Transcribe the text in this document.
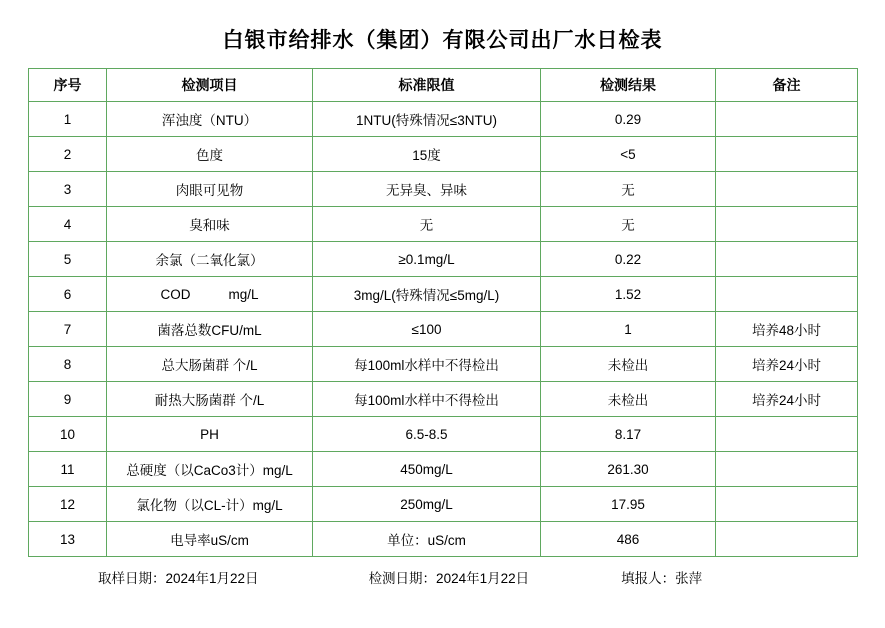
白银市给排水（集团）有限公司出厂水日检表
序号	检测项目	标准限值	检测结果	备注
1	浑浊度（NTU）	1NTU(特殊情况≤3NTU)	0.29	
2	色度	15度	<5	
3	肉眼可见物	无异臭、异味	无	
4	臭和味	无	无	
5	余氯（二氧化氯）	≥0.1mg/L	0.22	
6	COD mg/L	3mg/L(特殊情况≤5mg/L)	1.52	
7	菌落总数CFU/mL	≤100	1	培养48小时
8	总大肠菌群 个/L	每100ml水样中不得检出	未检出	培养24小时
9	耐热大肠菌群 个/L	每100ml水样中不得检出	未检出	培养24小时
10	PH	6.5-8.5	8.17	
11	总硬度（以CaCo3计）mg/L	450mg/L	261.30	
12	氯化物（以CL-计）mg/L	250mg/L	17.95	
13	电导率uS/cm	单位：uS/cm	486	
取样日期：2024年1月22日	检测日期：2024年1月22日	填报人：张萍
